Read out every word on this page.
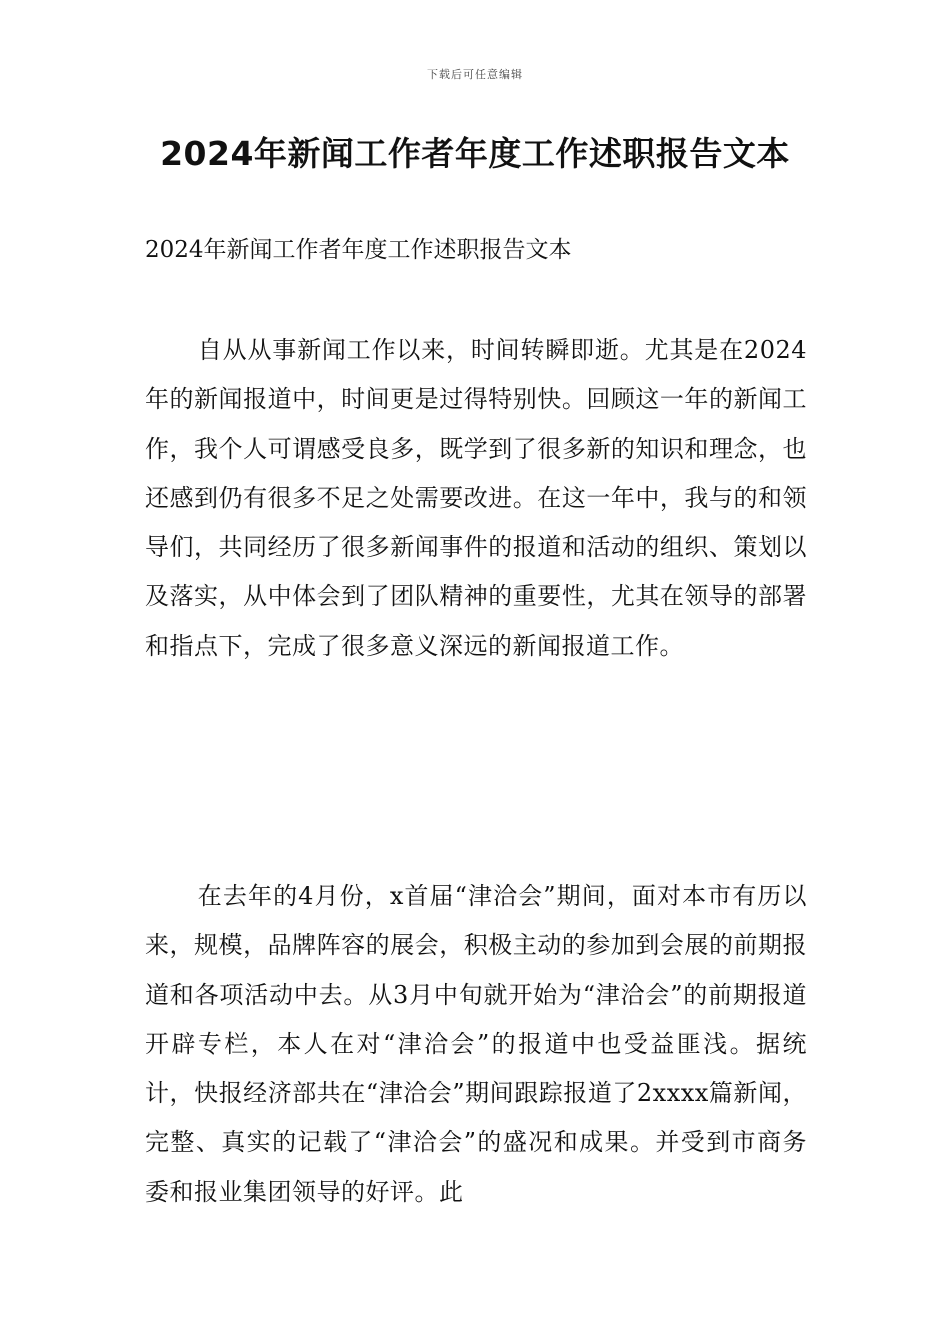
下载后可任意编辑
2024年新闻工作者年度工作述职报告文本

2024年新闻工作者年度工作述职报告文本

自从从事新闻工作以来，时间转瞬即逝。尤其是在2024年的新闻报道中，时间更是过得特别快。回顾这一年的新闻工作，我个人可谓感受良多，既学到了很多新的知识和理念，也还感到仍有很多不足之处需要改进。在这一年中，我与的和领导们，共同经历了很多新闻事件的报道和活动的组织、策划以及落实，从中体会到了团队精神的重要性，尤其在领导的部署和指点下，完成了很多意义深远的新闻报道工作。

在去年的4月份，x首届“津洽会”期间，面对本市有历以来，规模，品牌阵容的展会，积极主动的参加到会展的前期报道和各项活动中去。从3月中旬就开始为“津洽会”的前期报道开辟专栏，本人在对“津洽会”的报道中也受益匪浅。据统计，快报经济部共在“津洽会”期间跟踪报道了2xxxx篇新闻，完整、真实的记载了“津洽会”的盛况和成果。并受到市商务委和报业集团领导的好评。此
